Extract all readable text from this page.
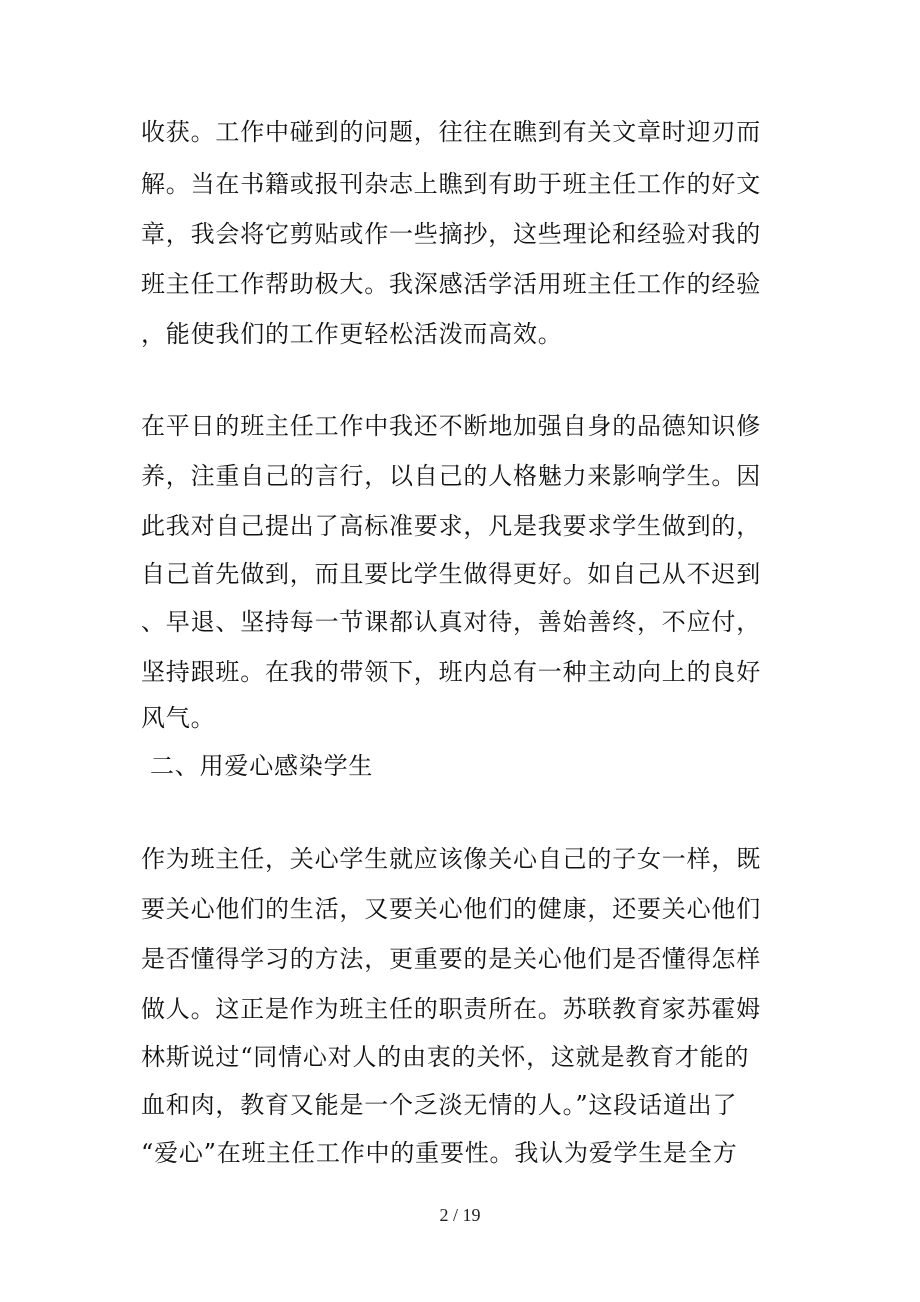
收获。工作中碰到的问题，往往在瞧到有关文章时迎刃而
解。当在书籍或报刊杂志上瞧到有助于班主任工作的好文
章，我会将它剪贴或作一些摘抄，这些理论和经验对我的
班主任工作帮助极大。我深感活学活用班主任工作的经验
，能使我们的工作更轻松活泼而高效。
在平日的班主任工作中我还不断地加强自身的品德知识修
养，注重自己的言行，以自己的人格魅力来影响学生。因
此我对自己提出了高标准要求，凡是我要求学生做到的，
自己首先做到，而且要比学生做得更好。如自己从不迟到
、早退、坚持每一节课都认真对待，善始善终，不应付，
坚持跟班。在我的带领下，班内总有一种主动向上的良好
风气。
二、用爱心感染学生
作为班主任，关心学生就应该像关心自己的子女一样，既
要关心他们的生活，又要关心他们的健康，还要关心他们
是否懂得学习的方法，更重要的是关心他们是否懂得怎样
做人。这正是作为班主任的职责所在。苏联教育家苏霍姆
林斯说过“同情心对人的由衷的关怀，这就是教育才能的
血和肉，教育又能是一个乏淡无情的人。”这段话道出了
“爱心”在班主任工作中的重要性。我认为爱学生是全方
2 / 19
